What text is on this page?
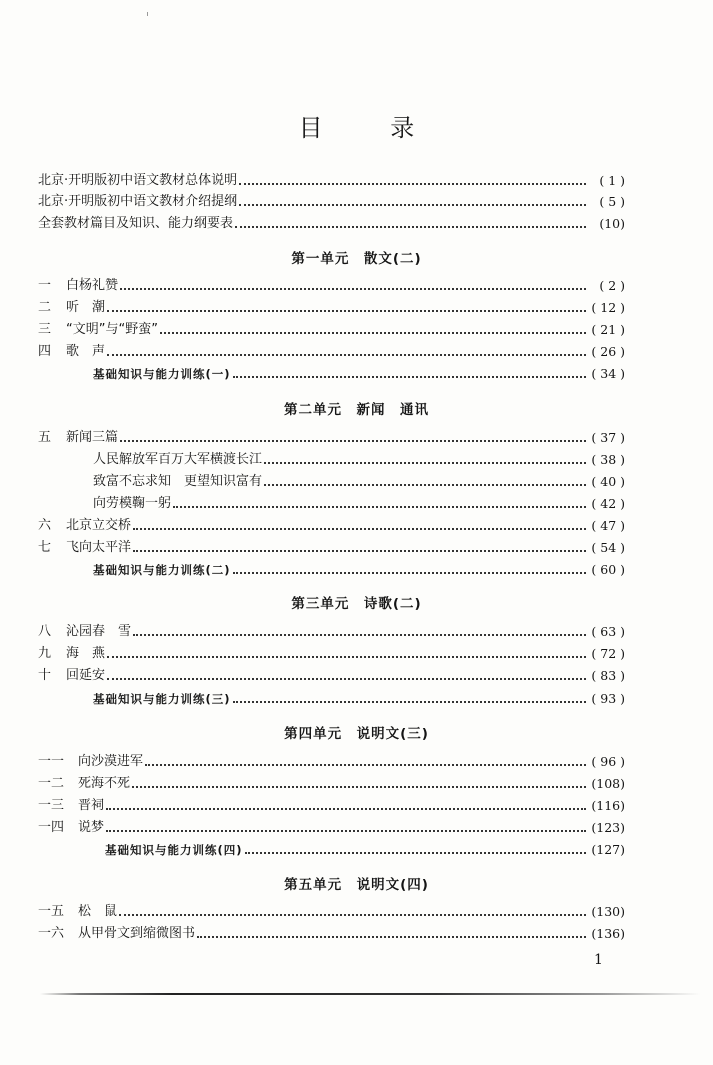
目 录
北京·开明版初中语文教材总体说明	( 1 )
北京·开明版初中语文教材介绍提纲	( 5 )
全套教材篇目及知识、能力纲要表	(10)
第一单元　散文(二)
一	白杨礼赞	( 2 )
二	听　潮	( 12 )
三	“文明”与“野蛮”	( 21 )
四	歌　声	( 26 )
基础知识与能力训练(一)	( 34 )
第二单元　新闻　通讯
五	新闻三篇	( 37 )
人民解放军百万大军横渡长江	( 38 )
致富不忘求知　更望知识富有	( 40 )
向劳模鞠一躬	( 42 )
六	北京立交桥	( 47 )
七	飞向太平洋	( 54 )
基础知识与能力训练(二)	( 60 )
第三单元　诗歌(二)
八	沁园春　雪	( 63 )
九	海　燕	( 72 )
十	回延安	( 83 )
基础知识与能力训练(三)	( 93 )
第四单元　说明文(三)
一一	向沙漠进军	( 96 )
一二	死海不死	(108)
一三	晋祠	(116)
一四	说梦	(123)
基础知识与能力训练(四)	(127)
第五单元　说明文(四)
一五	松　鼠	(130)
一六	从甲骨文到缩微图书	(136)
1
